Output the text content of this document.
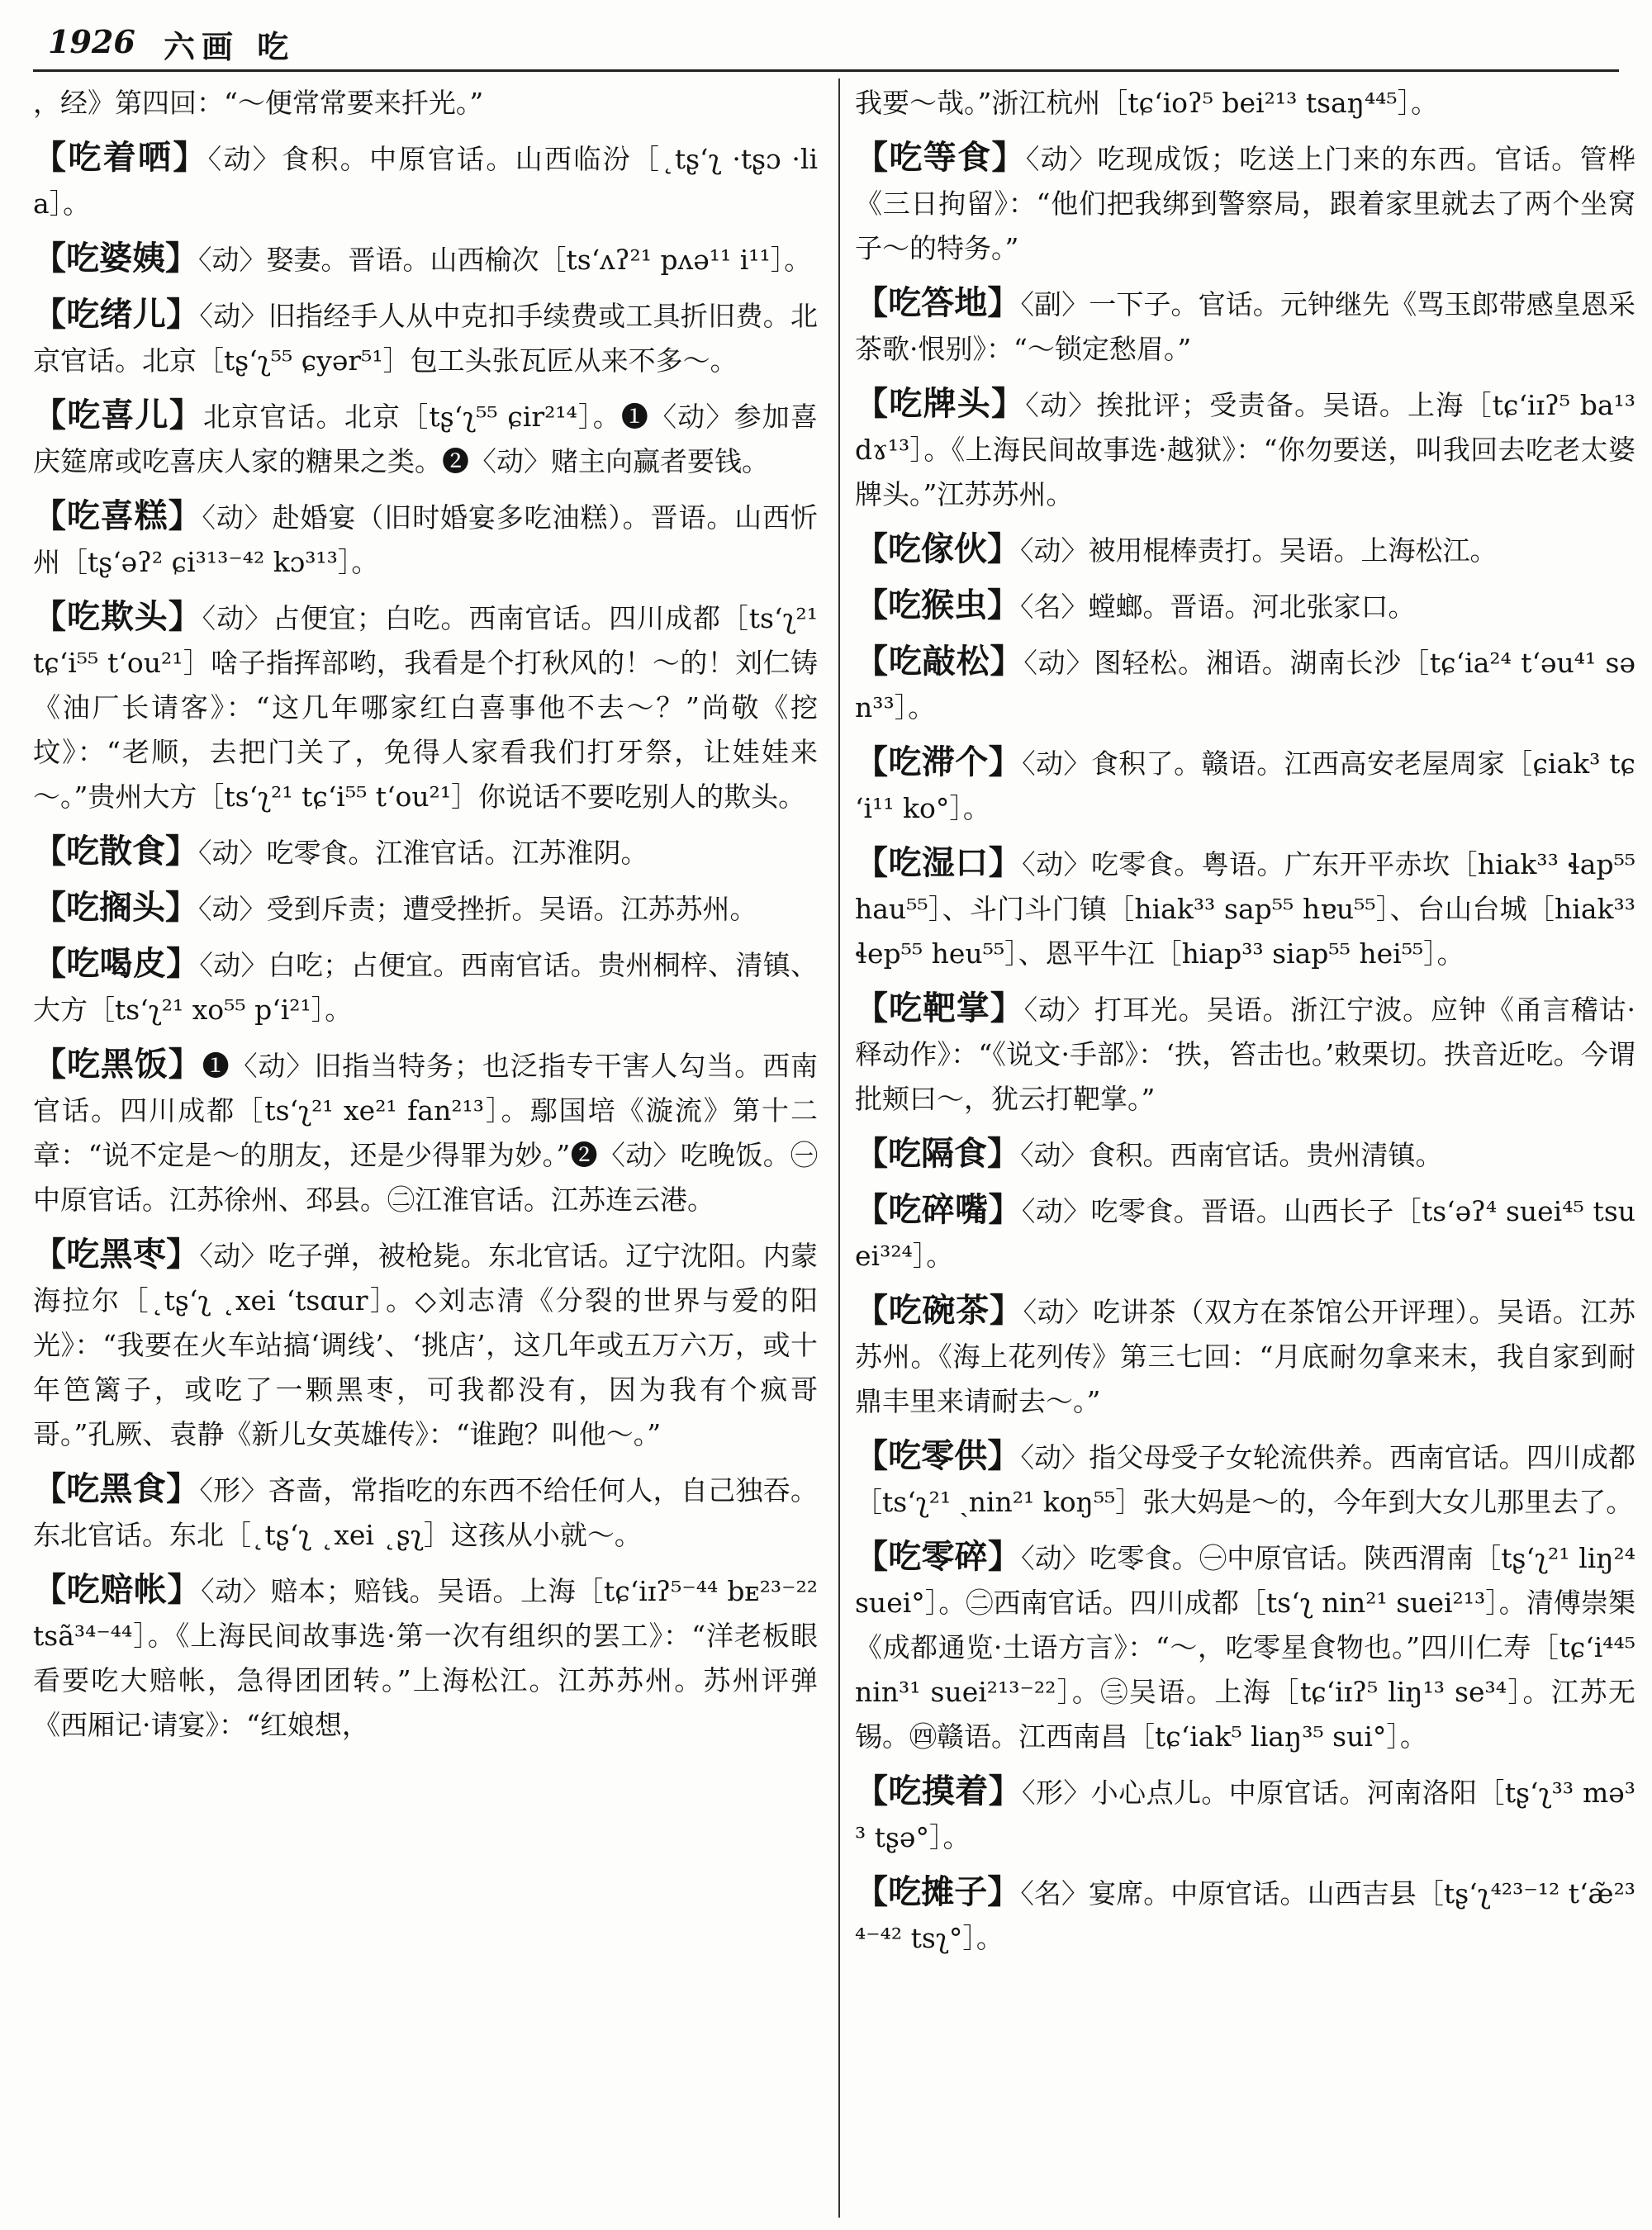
1926 六画 吃

，经》第四回：“～便常常要来扦光。”

【 吃着哂 】 〈动〉食积。中原官话。山西临汾［˛tʂʻʅ ·tʂɔ ·lia］。

【 吃婆姨 】 〈动〉娶妻。晋语。山西榆次［tsʻʌʔ²¹ pʌə¹¹ i¹¹］。

【 吃绪儿 】 〈动〉旧指经手人从中克扣手续费或工具折旧费。北京官话。北京［tʂʻʅ⁵⁵ ɕyər⁵¹］包工头张瓦匠从来不多～。

【 吃喜儿 】 北京官话。北京［tʂʻʅ⁵⁵ ɕir²¹⁴］。❶〈动〉参加喜庆筵席或吃喜庆人家的糖果之类。❷〈动〉赌主向赢者要钱。

【 吃喜糕 】 〈动〉赴婚宴（旧时婚宴多吃油糕）。晋语。山西忻州［tʂʻəʔ² ɕi³¹³⁻⁴² kɔ³¹³］。

【 吃欺头 】 〈动〉占便宜；白吃。西南官话。四川成都［tsʻʅ²¹ tɕʻi⁵⁵ tʻou²¹］啥子指挥部哟，我看是个打秋风的！～的！刘仁铸《油厂长请客》：“这几年哪家红白喜事他不去～？”尚敬《挖坟》：“老顺，去把门关了，免得人家看我们打牙祭，让娃娃来～。”贵州大方［tsʻʅ²¹ tɕʻi⁵⁵ tʻou²¹］你说话不要吃别人的欺头。

【 吃散食 】 〈动〉吃零食。江淮官话。江苏淮阴。

【 吃搁头 】 〈动〉受到斥责；遭受挫折。吴语。江苏苏州。

【 吃喝皮 】 〈动〉白吃；占便宜。西南官话。贵州桐梓、清镇、大方［tsʻʅ²¹ xo⁵⁵ pʻi²¹］。

【 吃黑饭 】 ❶〈动〉旧指当特务；也泛指专干害人勾当。西南官话。四川成都［tsʻʅ²¹ xe²¹ fan²¹³］。鄢国培《漩流》第十二章：“说不定是～的朋友，还是少得罪为妙。”❷〈动〉吃晚饭。㊀中原官话。江苏徐州、邳县。㊁江淮官话。江苏连云港。

【 吃黑枣 】 〈动〉吃子弹，被枪毙。东北官话。辽宁沈阳。内蒙海拉尔［˛tʂʻʅ ˛xei ʻtsɑur］。◇刘志清《分裂的世界与爱的阳光》：“我要在火车站搞‘调线’、‘挑店’，这几年或五万六万，或十年笆篱子，或吃了一颗黑枣，可我都没有，因为我有个疯哥哥。”孔厥、袁静《新儿女英雄传》：“谁跑？叫他～。”

【 吃黑食 】 〈形〉吝啬，常指吃的东西不给任何人，自己独吞。东北官话。东北［˛tʂʻʅ ˛xei ˛ʂʅ］这孩从小就～。

【 吃赔帐 】 〈动〉赔本；赔钱。吴语。上海［tɕʻiɪʔ⁵⁻⁴⁴ bᴇ²³⁻²² tsã³⁴⁻⁴⁴］。《上海民间故事选·第一次有组织的罢工》：“洋老板眼看要吃大赔帐，急得团团转。”上海松江。江苏苏州。苏州评弹《西厢记·请宴》：“红娘想，

我要～哉。”浙江杭州［tɕʻioʔ⁵ bei²¹³ tsaŋ⁴⁴⁵］。

【 吃等食 】 〈动〉吃现成饭；吃送上门来的东西。官话。管桦《三日拘留》：“他们把我绑到警察局，跟着家里就去了两个坐窝子～的特务。”

【 吃答地 】 〈副〉一下子。官话。元钟继先《骂玉郎带感皇恩采茶歌·恨别》：“～锁定愁眉。”

【 吃牌头 】 〈动〉挨批评；受责备。吴语。上海［tɕʻiɪʔ⁵ ba¹³ dɤ¹³］。《上海民间故事选·越狱》：“你勿要送，叫我回去吃老太婆牌头。”江苏苏州。

【 吃傢伙 】 〈动〉被用棍棒责打。吴语。上海松江。

【 吃猴虫 】 〈名〉螳螂。晋语。河北张家口。

【 吃敲松 】 〈动〉图轻松。湘语。湖南长沙［tɕʻia²⁴ tʻəu⁴¹ sən³³］。

【 吃滞个 】 〈动〉食积了。赣语。江西高安老屋周家［ɕiak³ tɕʻi¹¹ ko°］。

【 吃湿口 】 〈动〉吃零食。粤语。广东开平赤坎［hiak³³ ɬap⁵⁵ hau⁵⁵］、斗门斗门镇［hiak³³ sap⁵⁵ hɐu⁵⁵］、台山台城［hiak³³ ɬep⁵⁵ heu⁵⁵］、恩平牛江［hiap³³ siap⁵⁵ hei⁵⁵］。

【 吃靶掌 】 〈动〉打耳光。吴语。浙江宁波。应钟《甬言稽诂·释动作》：“《说文·手部》：‘抶，笞击也。’敕栗切。抶音近吃。今谓批颊曰～，犹云打靶掌。”

【 吃隔食 】 〈动〉食积。西南官话。贵州清镇。

【 吃碎嘴 】 〈动〉吃零食。晋语。山西长子［tsʻəʔ⁴ suei⁴⁵ tsuei³²⁴］。

【 吃碗茶 】 〈动〉吃讲茶（双方在茶馆公开评理）。吴语。江苏苏州。《海上花列传》第三七回：“月底耐勿拿来末，我自家到耐鼎丰里来请耐去～。”

【 吃零供 】 〈动〉指父母受子女轮流供养。西南官话。四川成都［tsʻʅ²¹ ˏnin²¹ koŋ⁵⁵］张大妈是～的，今年到大女儿那里去了。

【 吃零碎 】 〈动〉吃零食。㊀中原官话。陕西渭南［tʂʻʅ²¹ liŋ²⁴ suei°］。㊁西南官话。四川成都［tsʻʅ nin²¹ suei²¹³］。清傅崇榘《成都通览·土语方言》：“～，吃零星食物也。”四川仁寿［tɕʻi⁴⁴⁵ nin³¹ suei²¹³⁻²²］。㊂吴语。上海［tɕʻiɪʔ⁵ liŋ¹³ se³⁴］。江苏无锡。㊃赣语。江西南昌［tɕʻiak⁵ liaŋ³⁵ sui°］。

【 吃摸着 】 〈形〉小心点儿。中原官话。河南洛阳［tʂʻʅ³³ mə³³ tʂə°］。

【 吃摊子 】 〈名〉宴席。中原官话。山西吉县［tʂʻʅ⁴²³⁻¹² tʻæ̃²³⁴⁻⁴² tsʅ°］。
